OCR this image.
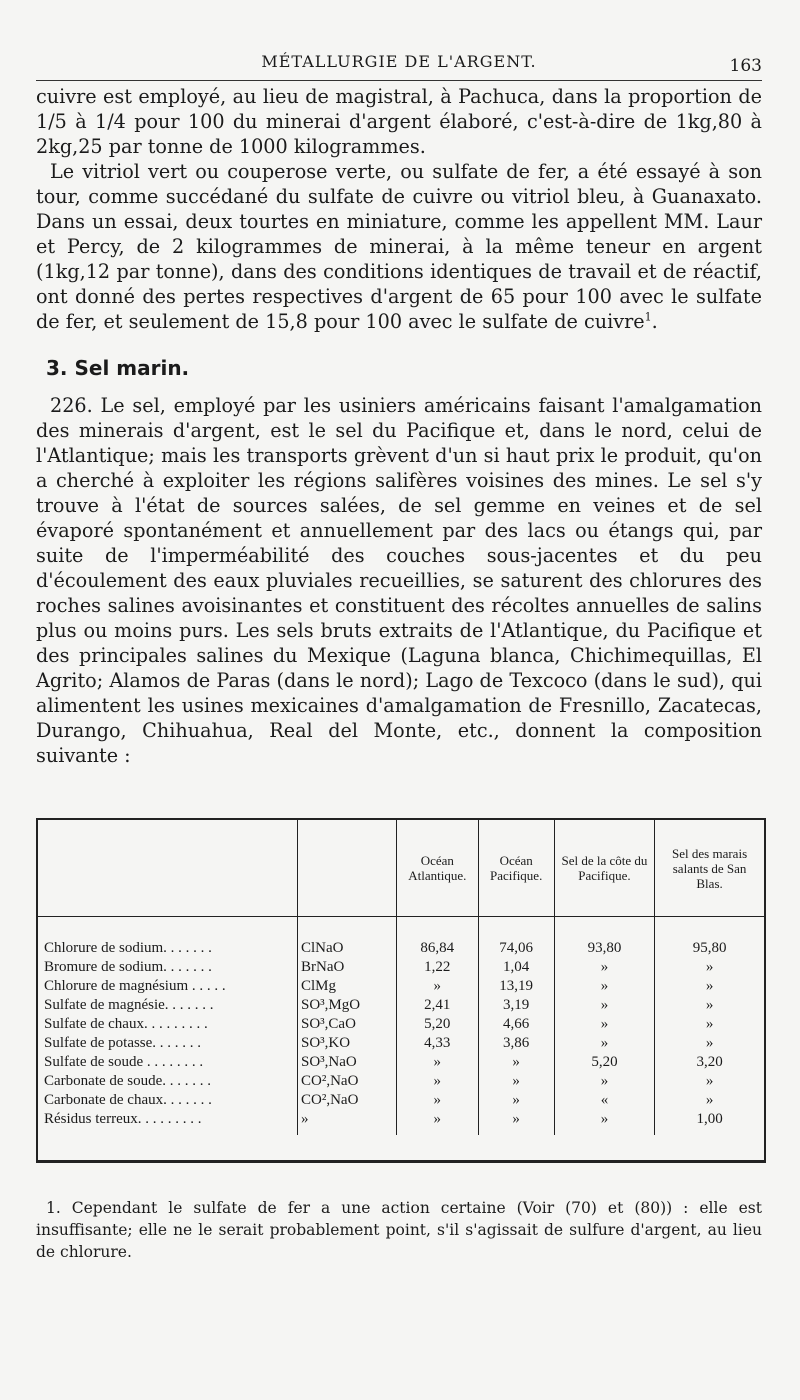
MÉTALLURGIE DE L'ARGENT.	163

cuivre est employé, au lieu de magistral, à Pachuca, dans la proportion de 1/5 à 1/4 pour 100 du minerai d'argent élaboré, c'est-à-dire de 1kg,80 à 2kg,25 par tonne de 1000 kilogrammes.

Le vitriol vert ou couperose verte, ou sulfate de fer, a été essayé à son tour, comme succédané du sulfate de cuivre ou vitriol bleu, à Guanaxato. Dans un essai, deux tourtes en miniature, comme les appellent MM. Laur et Percy, de 2 kilogrammes de minerai, à la même teneur en argent (1kg,12 par tonne), dans des conditions identiques de travail et de réactif, ont donné des pertes respectives d'argent de 65 pour 100 avec le sulfate de fer, et seulement de 15,8 pour 100 avec le sulfate de cuivre$^1$.

3. Sel marin.

226. Le sel, employé par les usiniers américains faisant l'amalgamation des minerais d'argent, est le sel du Pacifique et, dans le nord, celui de l'Atlantique; mais les transports grèvent d'un si haut prix le produit, qu'on a cherché à exploiter les régions salifères voisines des mines. Le sel s'y trouve à l'état de sources salées, de sel gemme en veines et de sel évaporé spontanément et annuellement par des lacs ou étangs qui, par suite de l'imperméabilité des couches sous-jacentes et du peu d'écoulement des eaux pluviales recueillies, se saturent des chlorures des roches salines avoisinantes et constituent des récoltes annuelles de salins plus ou moins purs. Les sels bruts extraits de l'Atlantique, du Pacifique et des principales salines du Mexique (Laguna blanca, Chichimequillas, El Agrito; Alamos de Paras (dans le nord); Lago de Texcoco (dans le sud), qui alimentent les usines mexicaines d'amalgamation de Fresnillo, Zacatecas, Durango, Chihuahua, Real del Monte, etc., donnent la composition suivante :

		Océan Atlantique.	Océan Pacifique.	Sel de la côte du Pacifique.	Sel des marais salants de San Blas.
Chlorure de sodium. . . . . . .	ClNaO	86,84	74,06	93,80	95,80
Bromure de sodium. . . . . . .	BrNaO	1,22	1,04	»	»
Chlorure de magnésium . . . . .	ClMg	»	13,19	»	»
Sulfate de magnésie. . . . . . .	SO³,MgO	2,41	3,19	»	»
Sulfate de chaux. . . . . . . . .	SO³,CaO	5,20	4,66	»	»
Sulfate de potasse. . . . . . .	SO³,KO	4,33	3,86	»	»
Sulfate de soude . . . . . . . .	SO³,NaO	»	»	5,20	3,20
Carbonate de soude. . . . . . .	CO²,NaO	»	»	»	»
Carbonate de chaux. . . . . . .	CO²,NaO	»	»	«	»
Résidus terreux. . . . . . . . .	»	»	»	»	1,00

1. Cependant le sulfate de fer a une action certaine (Voir (70) et (80)) : elle est insuffisante; elle ne le serait probablement point, s'il s'agissait de sulfure d'argent, au lieu de chlorure.
